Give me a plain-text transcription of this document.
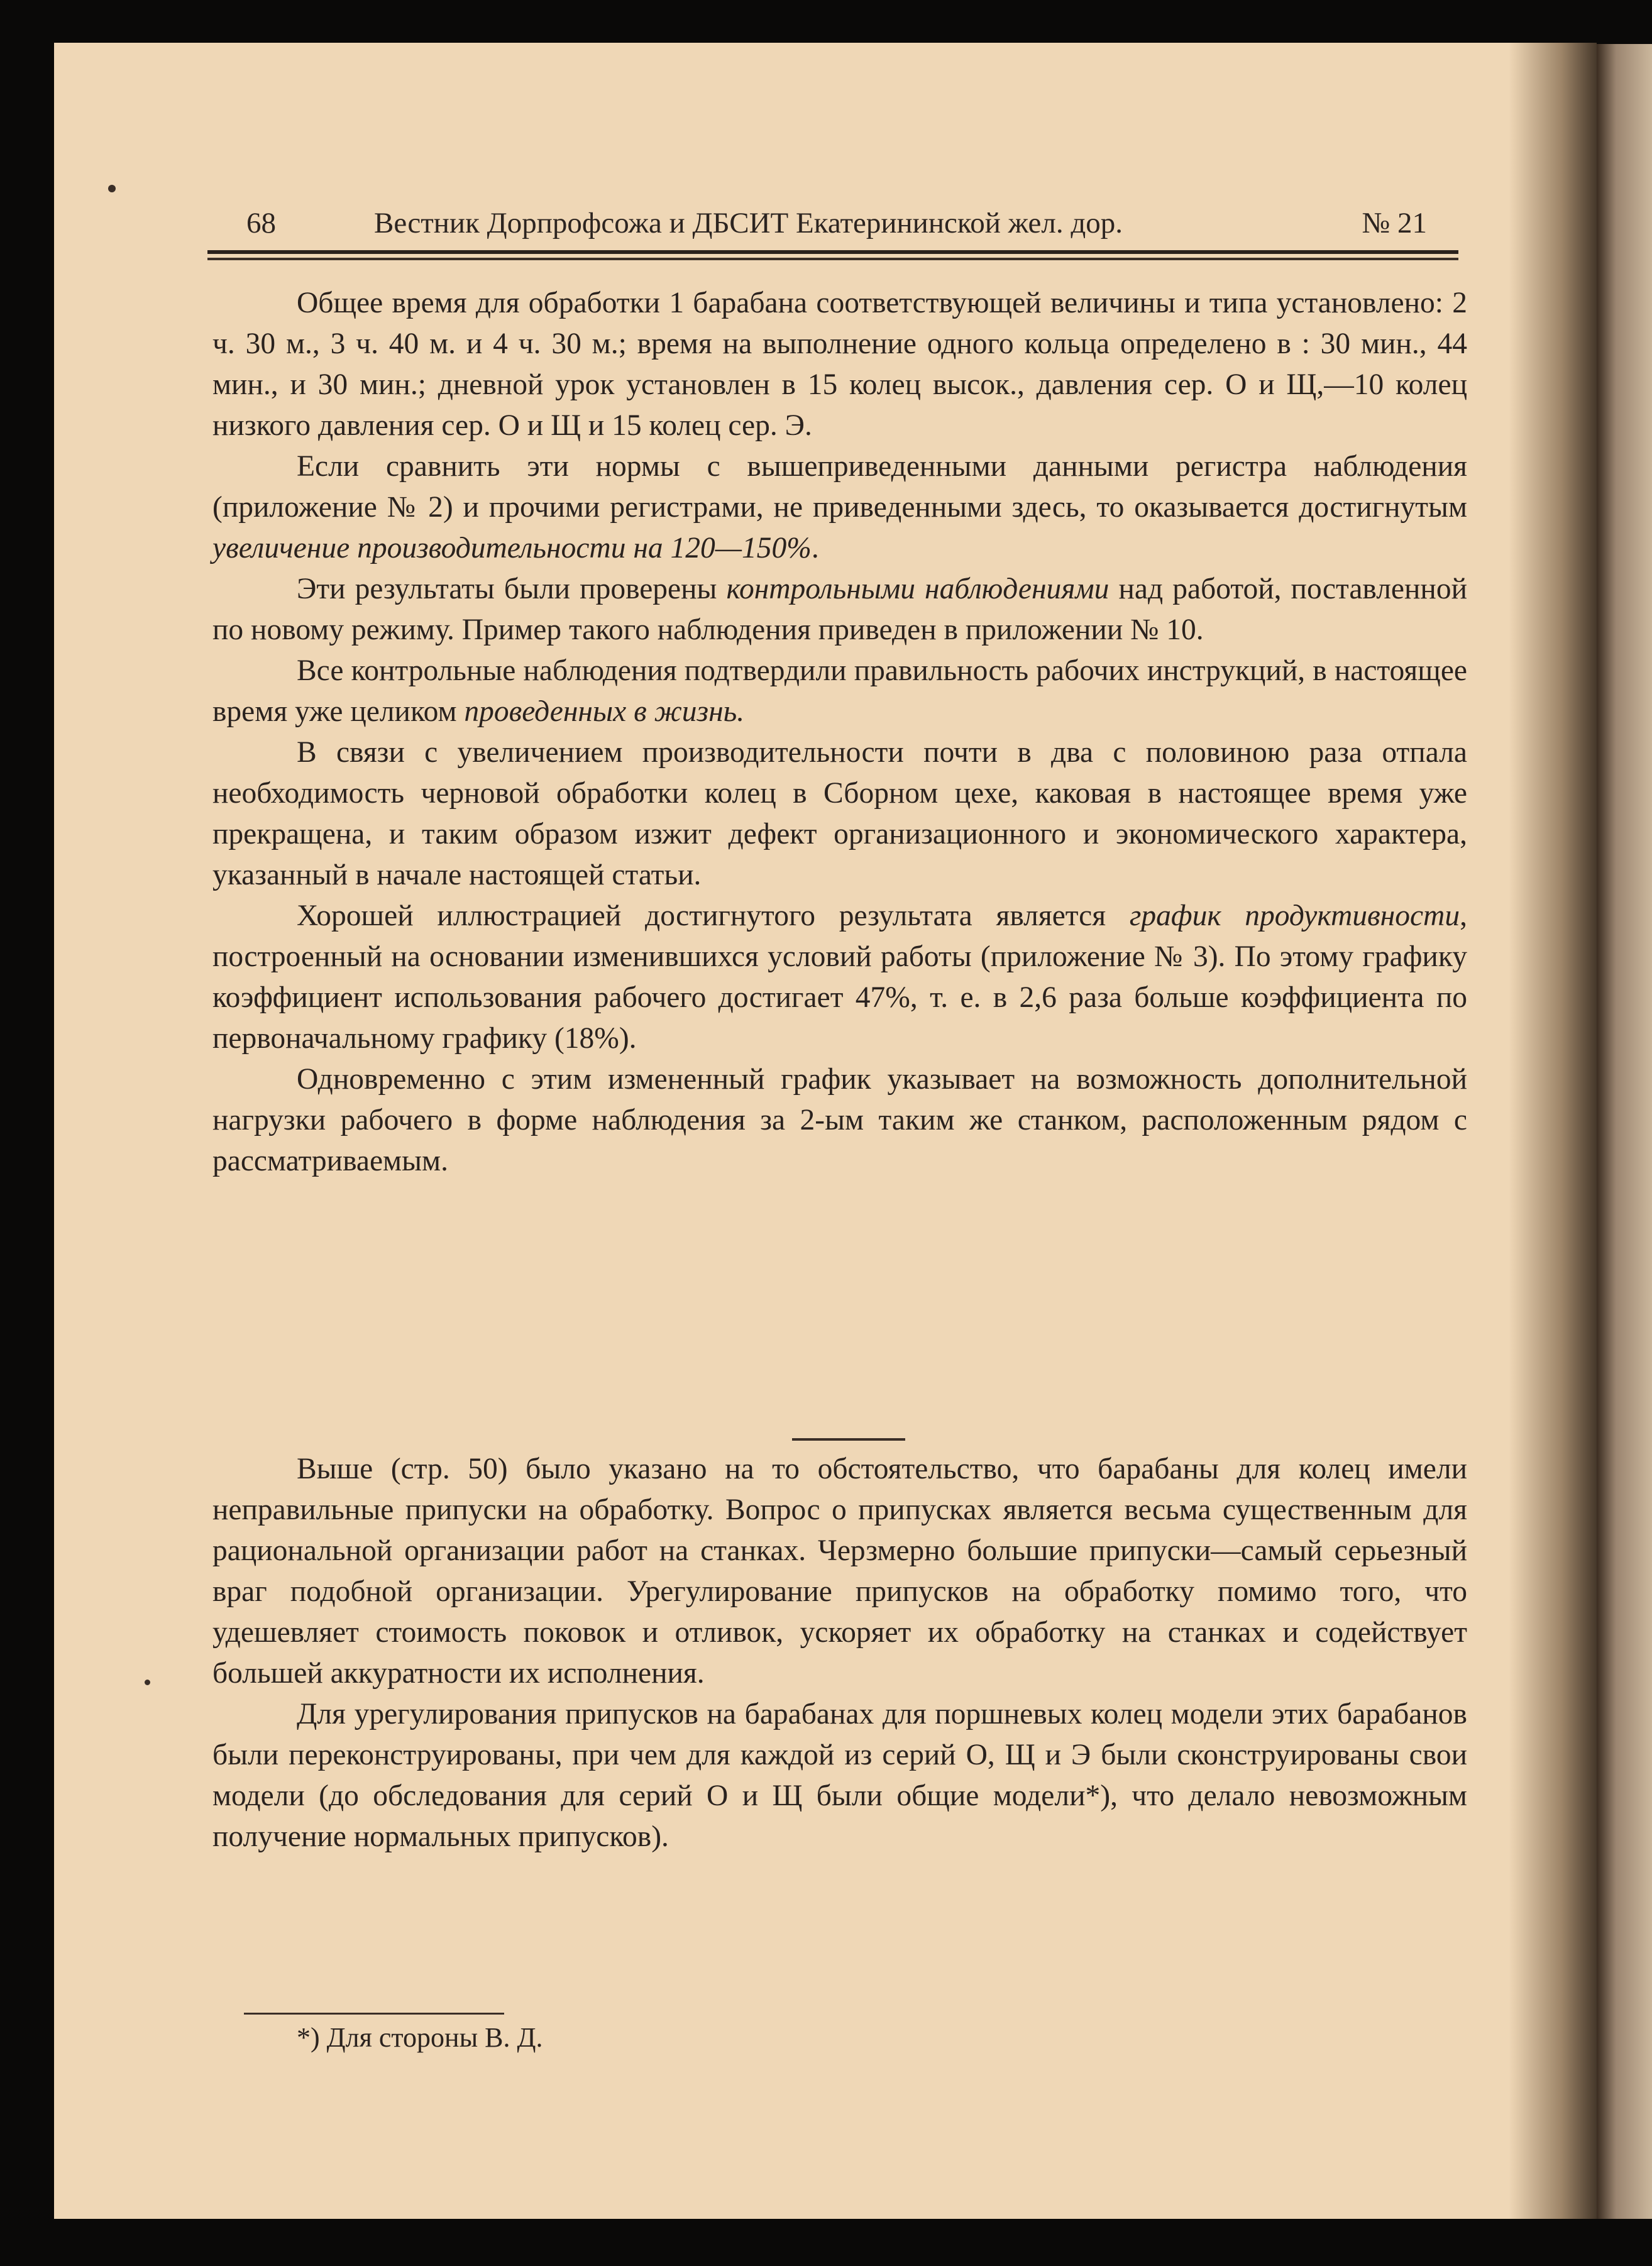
68	Вестник Дорпрофсожа и ДБСИТ Екатерининской жел. дор.	№ 21

Общее время для обработки 1 барабана соответствующей величины и типа установлено: 2 ч. 30 м., 3 ч. 40 м. и 4 ч. 30 м.; время на выполнение одного кольца определено в : 30 мин., 44 мин., и 30 мин.; дневной урок установлен в 15 колец высок., давления сер. О и Щ,—10 колец низкого давления сер. О и Щ и 15 колец сер. Э.

Если сравнить эти нормы с вышеприведенными данными регистра наблюдения (приложение № 2) и прочими регистрами, не приведенными здесь, то оказывается достигнутым увеличение производительности на 120—150%.

Эти результаты были проверены контрольными наблюдениями над работой, поставленной по новому режиму. Пример такого наблюдения приведен в приложении № 10.

Все контрольные наблюдения подтвердили правильность рабочих инструкций, в настоящее время уже целиком проведенных в жизнь.

В связи с увеличением производительности почти в два с половиною раза отпала необходимость черновой обработки колец в Сборном цехе, каковая в настоящее время уже прекращена, и таким образом изжит дефект организационного и экономического характера, указанный в начале настоящей статьи.

Хорошей иллюстрацией достигнутого результата является график продуктивности, построенный на основании изменившихся условий работы (приложение № 3). По этому графику коэффициент использования рабочего достигает 47%, т. е. в 2,6 раза больше коэффициента по первоначальному графику (18%).

Одновременно с этим измененный график указывает на возможность дополнительной нагрузки рабочего в форме наблюдения за 2-ым таким же станком, расположенным рядом с рассматриваемым.

Выше (стр. 50) было указано на то обстоятельство, что барабаны для колец имели неправильные припуски на обработку. Вопрос о припусках является весьма существенным для рациональной организации работ на станках. Черзмерно большие припуски—самый серьезный враг подобной организации. Урегулирование припусков на обработку помимо того, что удешевляет стоимость поковок и отливок, ускоряет их обработку на станках и содействует большей аккуратности их исполнения.

Для урегулирования припусков на барабанах для поршневых колец модели этих барабанов были переконструированы, при чем для каждой из серий О, Щ и Э были сконструированы свои модели (до обследования для серий О и Щ были общие модели*), что делало невозможным получение нормальных припусков).

*) Для стороны В. Д.
